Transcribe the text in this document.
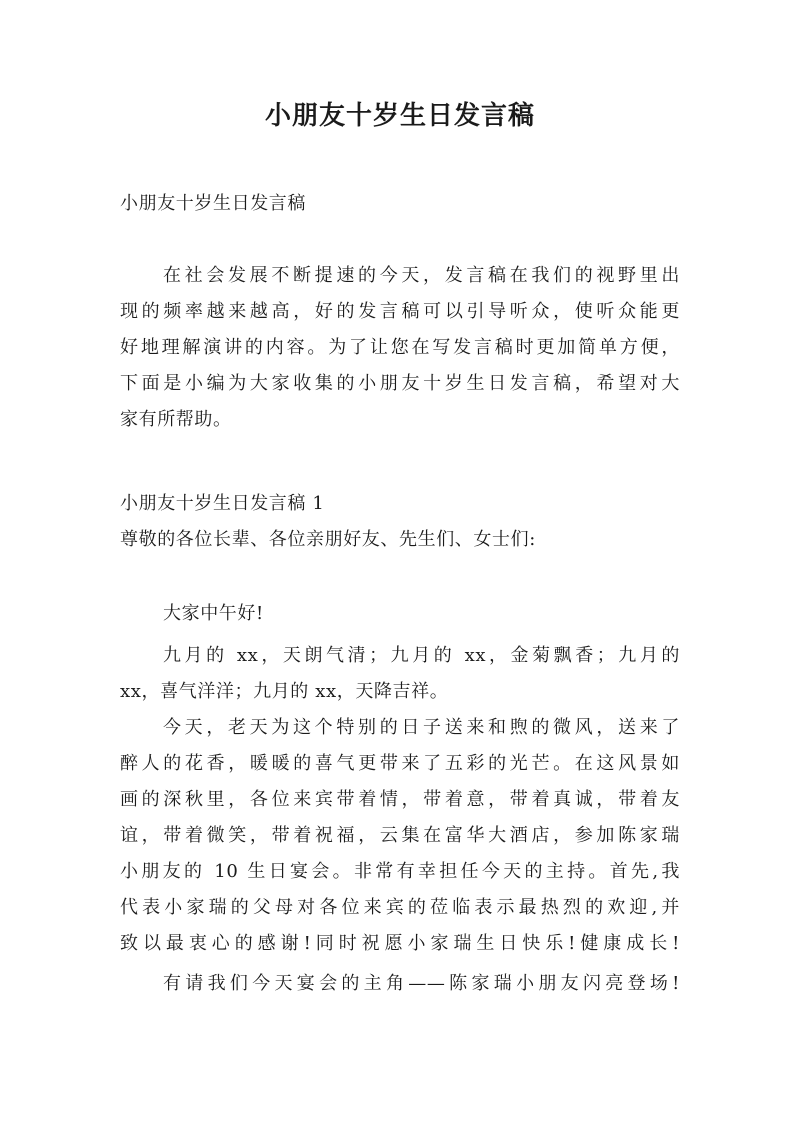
小朋友十岁生日发言稿
小朋友十岁生日发言稿
在社会发展不断提速的今天，发言稿在我们的视野里出
现的频率越来越高，好的发言稿可以引导听众，使听众能更
好地理解演讲的内容。为了让您在写发言稿时更加简单方便，
下面是小编为大家收集的小朋友十岁生日发言稿，希望对大
家有所帮助。
小朋友十岁生日发言稿 1
尊敬的各位长辈、各位亲朋好友、先生们、女士们:
大家中午好!
九月的 xx，天朗气清；九月的 xx，金菊飘香；九月的
xx，喜气洋洋；九月的 xx，天降吉祥。
今天，老天为这个特别的日子送来和煦的微风，送来了
醉人的花香，暖暖的喜气更带来了五彩的光芒。在这风景如
画的深秋里，各位来宾带着情，带着意，带着真诚，带着友
谊，带着微笑，带着祝福，云集在富华大酒店，参加陈家瑞
小朋友的 10 生日宴会。非常有幸担任今天的主持。首先,我
代表小家瑞的父母对各位来宾的莅临表示最热烈的欢迎,并
致以最衷心的感谢!同时祝愿小家瑞生日快乐!健康成长!
有请我们今天宴会的主角——陈家瑞小朋友闪亮登场!
